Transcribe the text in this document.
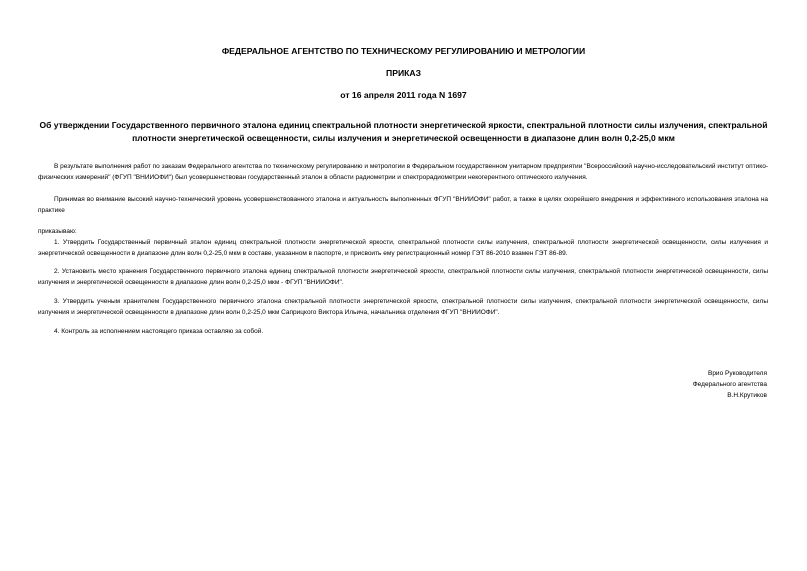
ФЕДЕРАЛЬНОЕ АГЕНТСТВО ПО ТЕХНИЧЕСКОМУ РЕГУЛИРОВАНИЮ И МЕТРОЛОГИИ
ПРИКАЗ
от 16 апреля 2011 года N 1697
Об утверждении Государственного первичного эталона единиц спектральной плотности энергетической яркости, спектральной плотности силы излучения, спектральной плотности энергетической освещенности, силы излучения и энергетической освещенности в диапазоне длин волн 0,2-25,0 мкм
В результате выполнения работ по заказам Федерального агентства по техническому регулированию и метрологии в Федеральном государственном унитарном предприятии "Всероссийский научно-исследовательский институт оптико-физических измерений" (ФГУП "ВНИИОФИ") был усовершенствован государственный эталон в области радиометрии и спектрорадиометрии некогерентного оптического излучения.
Принимая во внимание высокий научно-технический уровень усовершенствованного эталона и актуальность выполненных ФГУП "ВНИИОФИ" работ, а также в целях скорейшего внедрения и эффективного использования эталона на практике
приказываю:
1. Утвердить Государственный первичный эталон единиц спектральной плотности энергетической яркости, спектральной плотности силы излучения, спектральной плотности энергетической освещенности, силы излучения и энергетической освещенности в диапазоне длин волн 0,2-25,0 мкм в составе, указанном в паспорте, и присвоить ему регистрационный номер ГЭТ 86-2010 взамен ГЭТ 86-89.
2. Установить место хранения Государственного первичного эталона единиц спектральной плотности энергетической яркости, спектральной плотности силы излучения, спектральной плотности энергетической освещенности, силы излучения и энергетической освещенности в диапазоне длин волн 0,2-25,0 мкм - ФГУП "ВНИИОФИ".
3. Утвердить ученым хранителем Государственного первичного эталона спектральной плотности энергетической яркости, спектральной плотности силы излучения, спектральной плотности энергетической освещенности, силы излучения и энергетической освещенности в диапазоне длин волн 0,2-25,0 мкм Саприцкого Виктора Ильича, начальника отделения ФГУП "ВНИИОФИ".
4. Контроль за исполнением настоящего приказа оставляю за собой.
Врио Руководителя
Федерального агентства
В.Н.Крутиков
